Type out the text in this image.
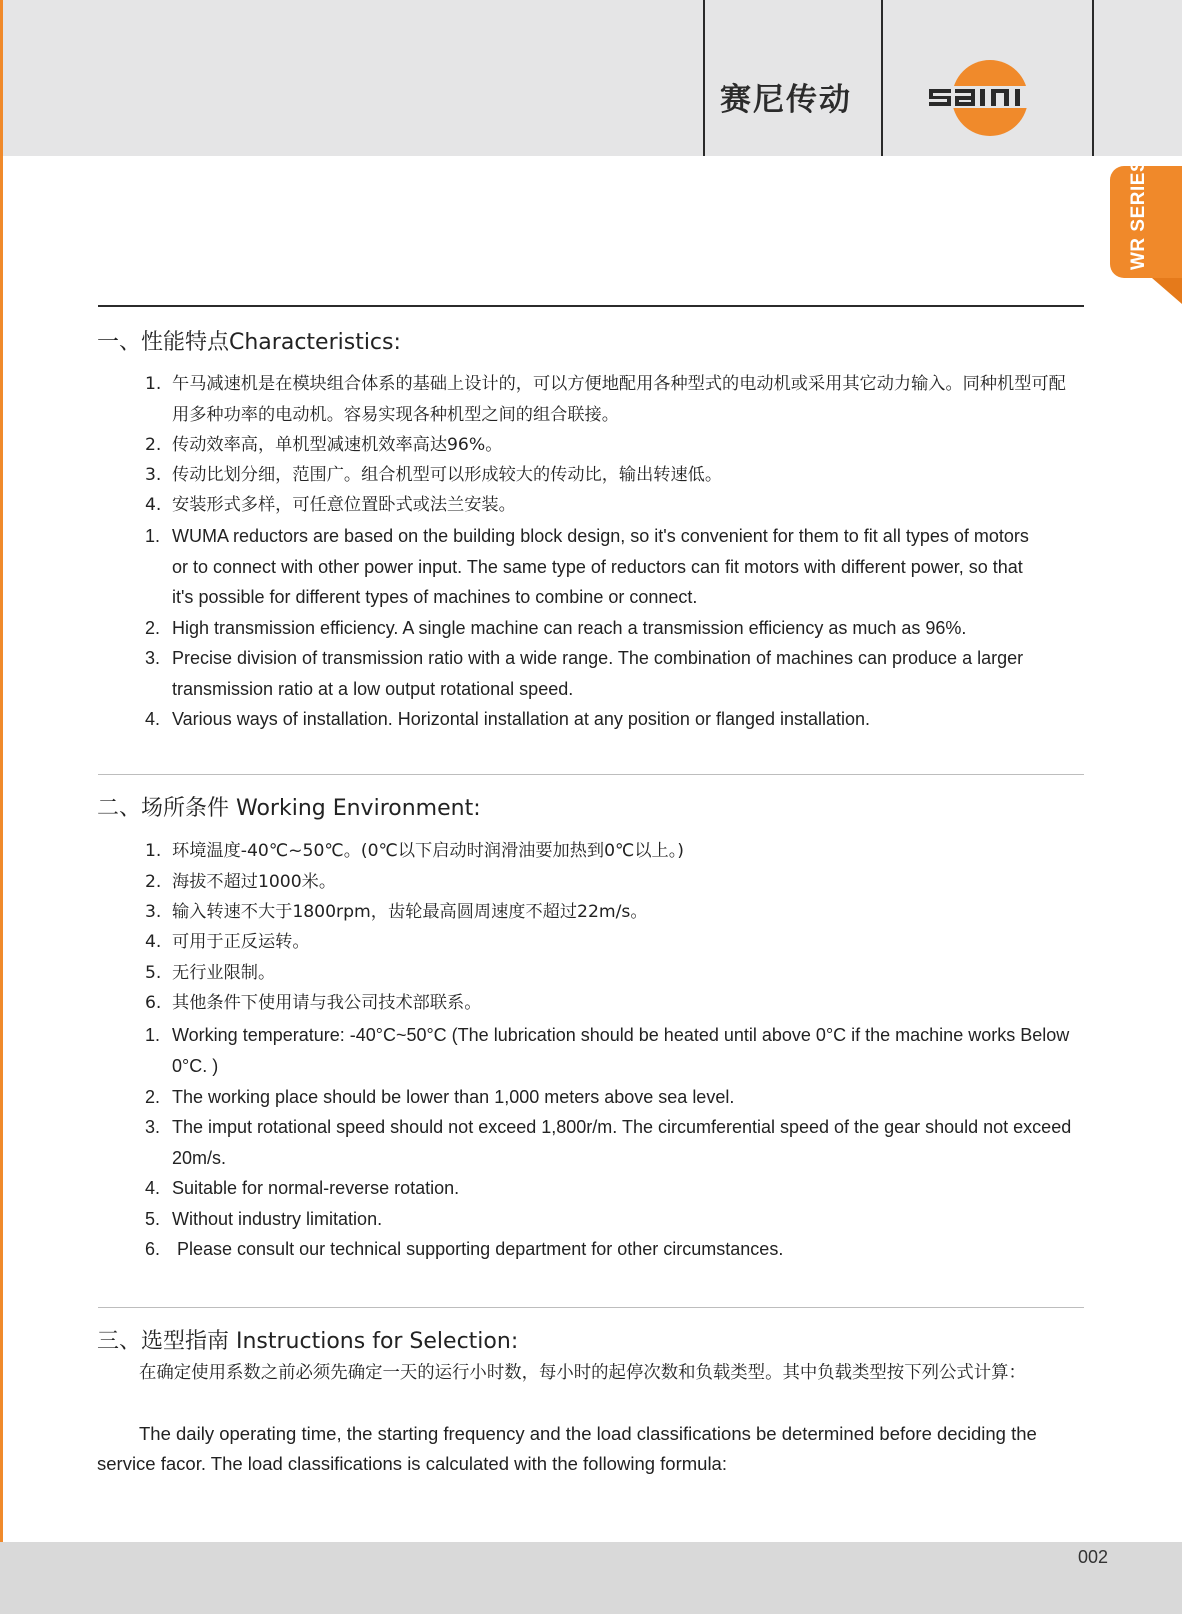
赛尼传动
SAINI
WR SERIES
一、性能特点Characteristics:
1. 午马减速机是在模块组合体系的基础上设计的，可以方便地配用各种型式的电动机或采用其它动力输入。同种机型可配用多种功率的电动机。容易实现各种机型之间的组合联接。
2. 传动效率高，单机型减速机效率高达96%。
3. 传动比划分细，范围广。组合机型可以形成较大的传动比，输出转速低。
4. 安装形式多样，可任意位置卧式或法兰安装。
1. WUMA reductors are based on the building block design, so it's convenient for them to fit all types of motors or to connect with other power input. The same type of reductors can fit motors with different power, so that it's possible for different types of machines to combine or connect.
2. High transmission efficiency. A single machine can reach a transmission efficiency as much as 96%.
3. Precise division of transmission ratio with a wide range. The combination of machines can produce a larger transmission ratio at a low output rotational speed.
4. Various ways of installation. Horizontal installation at any position or flanged installation.
二、场所条件 Working Environment:
1. 环境温度-40℃~50℃。(0℃以下启动时润滑油要加热到0℃以上。)
2. 海拔不超过1000米。
3. 输入转速不大于1800rpm，齿轮最高圆周速度不超过22m/s。
4. 可用于正反运转。
5. 无行业限制。
6. 其他条件下使用请与我公司技术部联系。
1. Working temperature: -40°C~50°C (The lubrication should be heated until above 0°C if the machine works Below 0°C. )
2. The working place should be lower than 1,000 meters above sea level.
3. The imput rotational speed should not exceed 1,800r/m. The circumferential speed of the gear should not exceed 20m/s.
4. Suitable for normal-reverse rotation.
5. Without industry limitation.
6. Please consult our technical supporting department for other circumstances.
三、选型指南 Instructions for Selection:
在确定使用系数之前必须先确定一天的运行小时数，每小时的起停次数和负载类型。其中负载类型按下列公式计算：
The daily operating time, the starting frequency and the load classifications be determined before deciding the service facor. The load classifications is calculated with the following formula:
002
